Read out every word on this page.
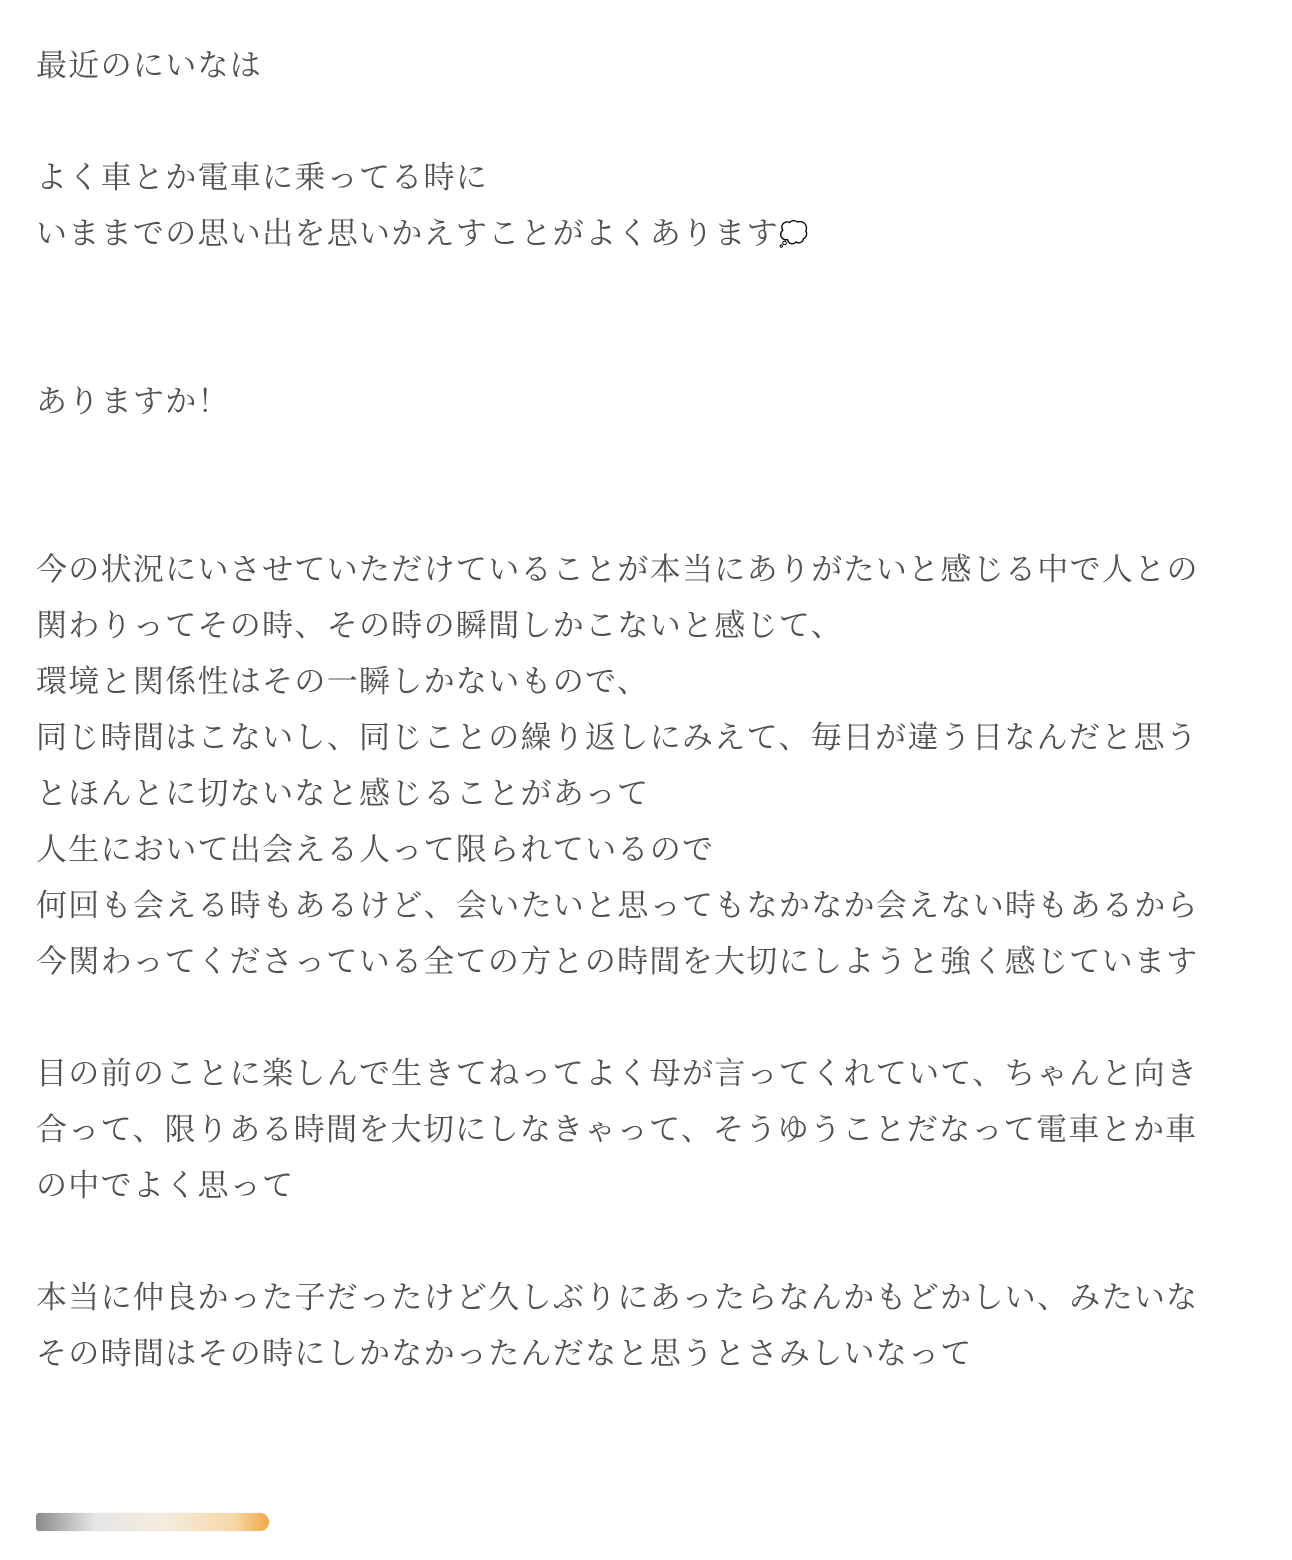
最近のにいなは
よく車とか電車に乗ってる時に
いままでの思い出を思いかえすことがよくあります💭
ありますか！
今の状況にいさせていただけていることが本当にありがたいと感じる中で人との
関わりってその時、その時の瞬間しかこないと感じて、
環境と関係性はその一瞬しかないもので、
同じ時間はこないし、同じことの繰り返しにみえて、毎日が違う日なんだと思う
とほんとに切ないなと感じることがあって
人生において出会える人って限られているので
何回も会える時もあるけど、会いたいと思ってもなかなか会えない時もあるから
今関わってくださっている全ての方との時間を大切にしようと強く感じています
目の前のことに楽しんで生きてねってよく母が言ってくれていて、ちゃんと向き
合って、限りある時間を大切にしなきゃって、そうゆうことだなって電車とか車
の中でよく思って
本当に仲良かった子だったけど久しぶりにあったらなんかもどかしい、みたいな
その時間はその時にしかなかったんだなと思うとさみしいなって
